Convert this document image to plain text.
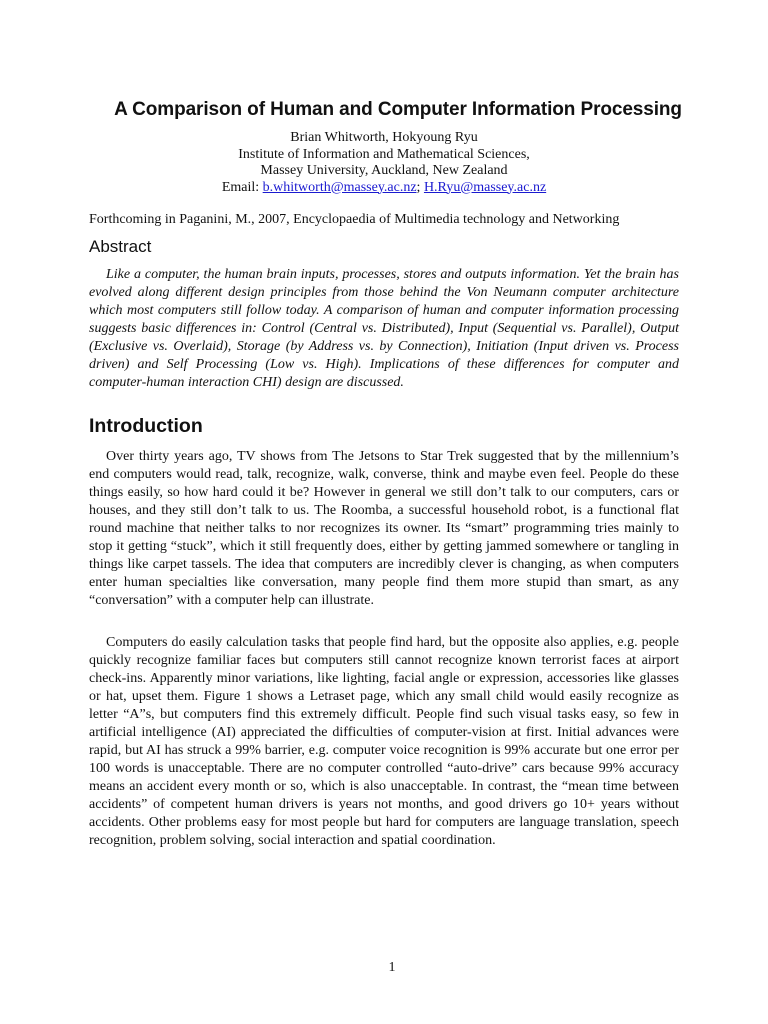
A Comparison of Human and Computer Information Processing
Brian Whitworth, Hokyoung Ryu
Institute of Information and Mathematical Sciences,
Massey University, Auckland, New Zealand
Email: b.whitworth@massey.ac.nz; H.Ryu@massey.ac.nz
Forthcoming in Paganini, M., 2007, Encyclopaedia of Multimedia technology and Networking
Abstract

Like a computer, the human brain inputs, processes, stores and outputs information. Yet the brain has evolved along different design principles from those behind the Von Neumann computer architecture which most computers still follow today. A comparison of human and computer information processing suggests basic differences in: Control (Central vs. Distributed), Input (Sequential vs. Parallel), Output (Exclusive vs. Overlaid), Storage (by Address vs. by Connection), Initiation (Input driven vs. Process driven) and Self Processing (Low vs. High). Implications of these differences for computer and computer-human interaction CHI) design are discussed.

Introduction

Over thirty years ago, TV shows from The Jetsons to Star Trek suggested that by the millennium’s end computers would read, talk, recognize, walk, converse, think and maybe even feel. People do these things easily, so how hard could it be? However in general we still don’t talk to our computers, cars or houses, and they still don’t talk to us. The Roomba, a successful household robot, is a functional flat round machine that neither talks to nor recognizes its owner. Its “smart” programming tries mainly to stop it getting “stuck”, which it still frequently does, either by getting jammed somewhere or tangling in things like carpet tassels. The idea that computers are incredibly clever is changing, as when computers enter human specialties like conversation, many people find them more stupid than smart, as any “conversation” with a computer help can illustrate.

Computers do easily calculation tasks that people find hard, but the opposite also applies, e.g. people quickly recognize familiar faces but computers still cannot recognize known terrorist faces at airport check-ins. Apparently minor variations, like lighting, facial angle or expression, accessories like glasses or hat, upset them. Figure 1 shows a Letraset page, which any small child would easily recognize as letter “A”s, but computers find this extremely difficult. People find such visual tasks easy, so few in artificial intelligence (AI) appreciated the difficulties of computer-vision at first. Initial advances were rapid, but AI has struck a 99% barrier, e.g. computer voice recognition is 99% accurate but one error per 100 words is unacceptable. There are no computer controlled “auto-drive” cars because 99% accuracy means an accident every month or so, which is also unacceptable. In contrast, the “mean time between accidents” of competent human drivers is years not months, and good drivers go 10+ years without accidents. Other problems easy for most people but hard for computers are language translation, speech recognition, problem solving, social interaction and spatial coordination.

1
